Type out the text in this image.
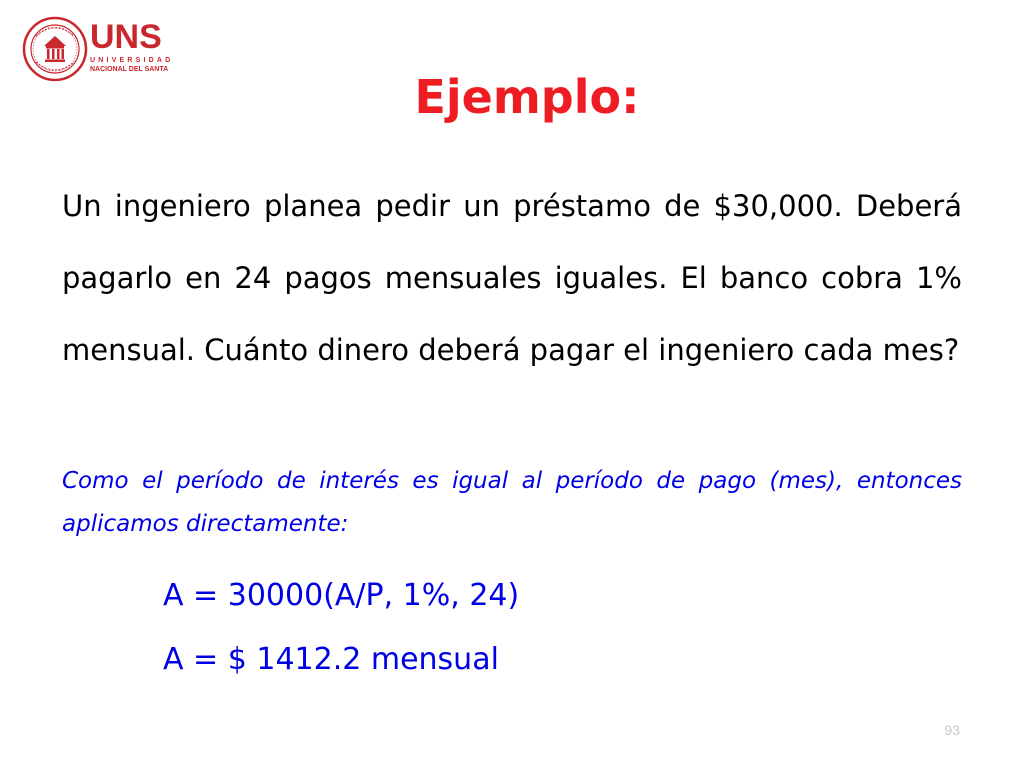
UNS
UNIVERSIDAD
NACIONAL DEL SANTA
Ejemplo:
Un ingeniero planea pedir un préstamo de $30,000. Deberá pagarlo en 24 pagos mensuales iguales. El banco cobra 1% mensual. Cuánto dinero deberá pagar el ingeniero cada mes?
Como el período de interés es igual al período de pago (mes), entonces aplicamos directamente:
A = 30000(A/P, 1%, 24)
A = $ 1412.2 mensual
93
